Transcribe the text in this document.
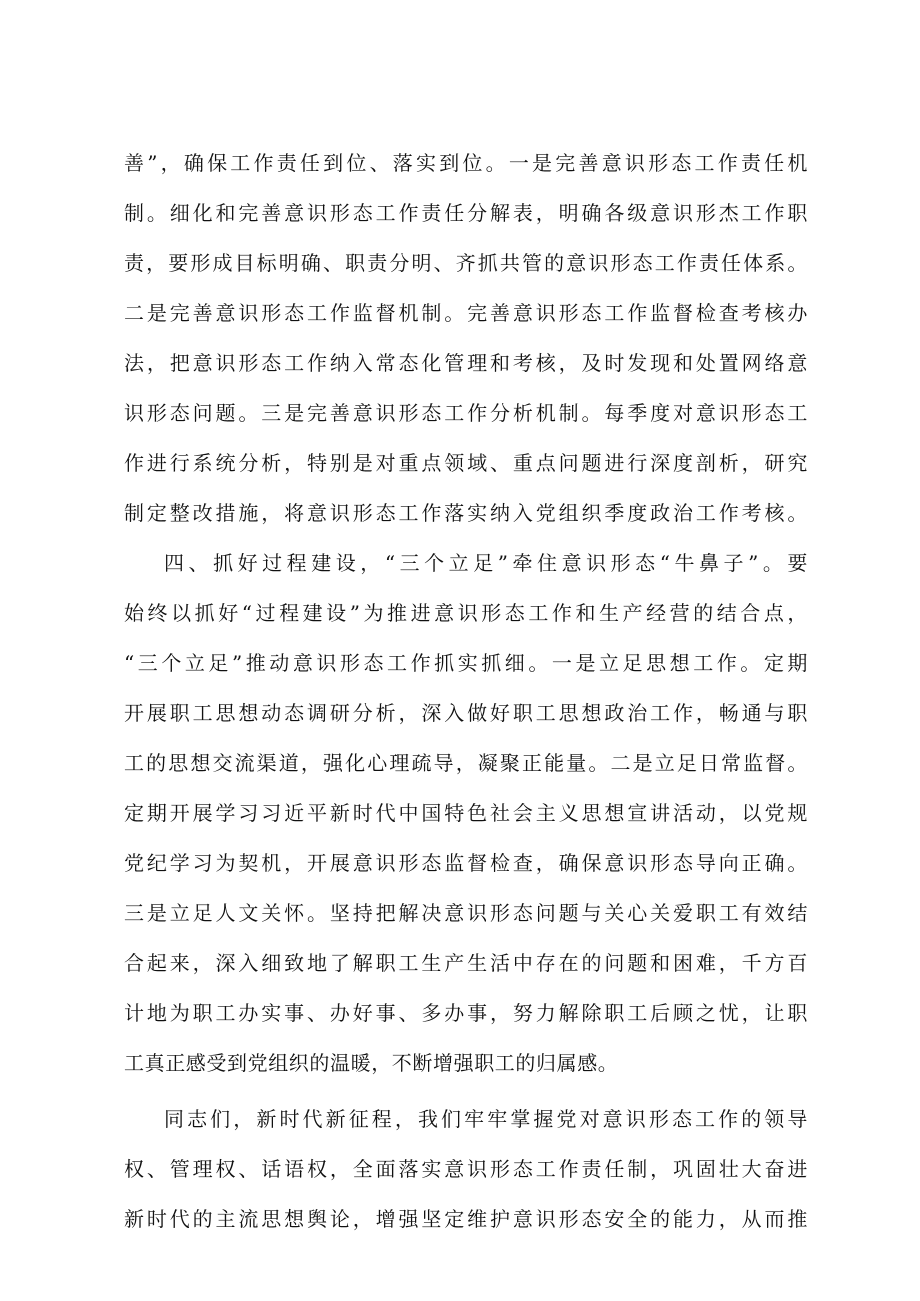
善”，确保工作责任到位、落实到位。一是完善意识形态工作责任机
制。细化和完善意识形态工作责任分解表，明确各级意识形杰工作职
责，要形成目标明确、职责分明、齐抓共管的意识形态工作责任体系。
二是完善意识形态工作监督机制。完善意识形态工作监督检查考核办
法，把意识形态工作纳入常态化管理和考核，及时发现和处置网络意
识形态问题。三是完善意识形态工作分析机制。每季度对意识形态工
作进行系统分析，特别是对重点领域、重点问题进行深度剖析，研究
制定整改措施，将意识形态工作落实纳入党组织季度政治工作考核。
四、抓好过程建设，“三个立足”牵住意识形态“牛鼻子”。要
始终以抓好“过程建设”为推进意识形态工作和生产经营的结合点，
“三个立足”推动意识形态工作抓实抓细。一是立足思想工作。定期
开展职工思想动态调研分析，深入做好职工思想政治工作，畅通与职
工的思想交流渠道，强化心理疏导，凝聚正能量。二是立足日常监督。
定期开展学习习近平新时代中国特色社会主义思想宣讲活动，以党规
党纪学习为契机，开展意识形态监督检查，确保意识形态导向正确。
三是立足人文关怀。坚持把解决意识形态问题与关心关爱职工有效结
合起来，深入细致地了解职工生产生活中存在的问题和困难，千方百
计地为职工办实事、办好事、多办事，努力解除职工后顾之忧，让职
工真正感受到党组织的温暖，不断增强职工的归属感。
同志们，新时代新征程，我们牢牢掌握党对意识形态工作的领导
权、管理权、话语权，全面落实意识形态工作责任制，巩固壮大奋进
新时代的主流思想舆论，增强坚定维护意识形态安全的能力，从而推
